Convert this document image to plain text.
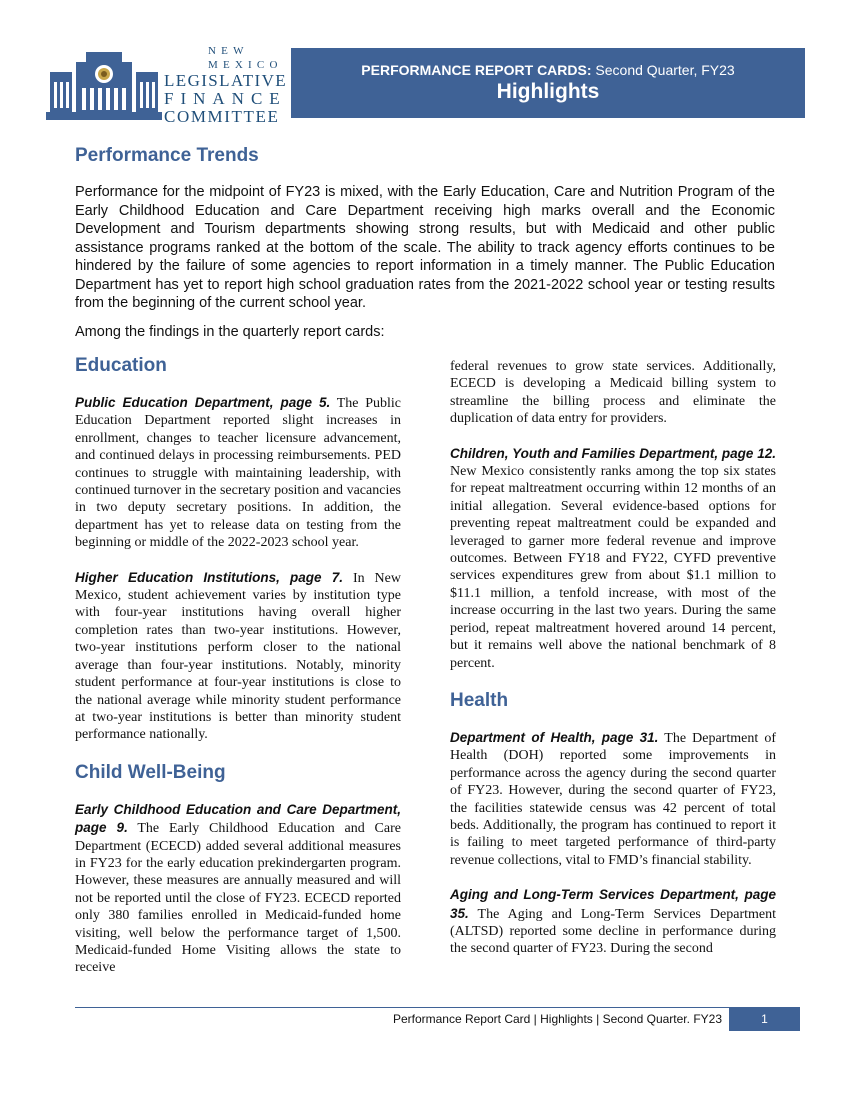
NEW MEXICO
LEGISLATIVE
FINANCE
COMMITTEE
PERFORMANCE REPORT CARDS: Second Quarter, FY23
Highlights
Performance Trends

Performance for the midpoint of FY23 is mixed, with the Early Education, Care and Nutrition Program of the Early Childhood Education and Care Department receiving high marks overall and the Economic Development and Tourism departments showing strong results, but with Medicaid and other public assistance programs ranked at the bottom of the scale. The ability to track agency efforts continues to be hindered by the failure of some agencies to report information in a timely manner. The Public Education Department has yet to report high school graduation rates from the 2021-2022 school year or testing results from the beginning of the current school year.

Among the findings in the quarterly report cards:

Education

Public Education Department, page 5. The Public Education Department reported slight increases in enrollment, changes to teacher licensure advancement, and continued delays in processing reimbursements. PED continues to struggle with maintaining leadership, with continued turnover in the secretary position and vacancies in two deputy secretary positions. In addition, the department has yet to release data on testing from the beginning or middle of the 2022-2023 school year.

Higher Education Institutions, page 7. In New Mexico, student achievement varies by institution type with four-year institutions having overall higher completion rates than two-year institutions. However, two-year institutions perform closer to the national average than four-year institutions. Notably, minority student performance at four-year institutions is close to the national average while minority student performance at two-year institutions is better than minority student performance nationally.

Child Well-Being

Early Childhood Education and Care Department, page 9. The Early Childhood Education and Care Department (ECECD) added several additional measures in FY23 for the early education prekindergarten program. However, these measures are annually measured and will not be reported until the close of FY23. ECECD reported only 380 families enrolled in Medicaid-funded home visiting, well below the performance target of 1,500. Medicaid-funded Home Visiting allows the state to receive

federal revenues to grow state services. Additionally, ECECD is developing a Medicaid billing system to streamline the billing process and eliminate the duplication of data entry for providers.

Children, Youth and Families Department, page 12. New Mexico consistently ranks among the top six states for repeat maltreatment occurring within 12 months of an initial allegation. Several evidence-based options for preventing repeat maltreatment could be expanded and leveraged to garner more federal revenue and improve outcomes. Between FY18 and FY22, CYFD preventive services expenditures grew from about $1.1 million to $11.1 million, a tenfold increase, with most of the increase occurring in the last two years. During the same period, repeat maltreatment hovered around 14 percent, but it remains well above the national benchmark of 8 percent.

Health

Department of Health, page 31. The Department of Health (DOH) reported some improvements in performance across the agency during the second quarter of FY23. However, during the second quarter of FY23, the facilities statewide census was 42 percent of total beds. Additionally, the program has continued to report it is failing to meet targeted performance of third-party revenue collections, vital to FMD’s financial stability.

Aging and Long-Term Services Department, page 35. The Aging and Long-Term Services Department (ALTSD) reported some decline in performance during the second quarter of FY23. During the second

Performance Report Card | Highlights | Second Quarter. FY23	1
